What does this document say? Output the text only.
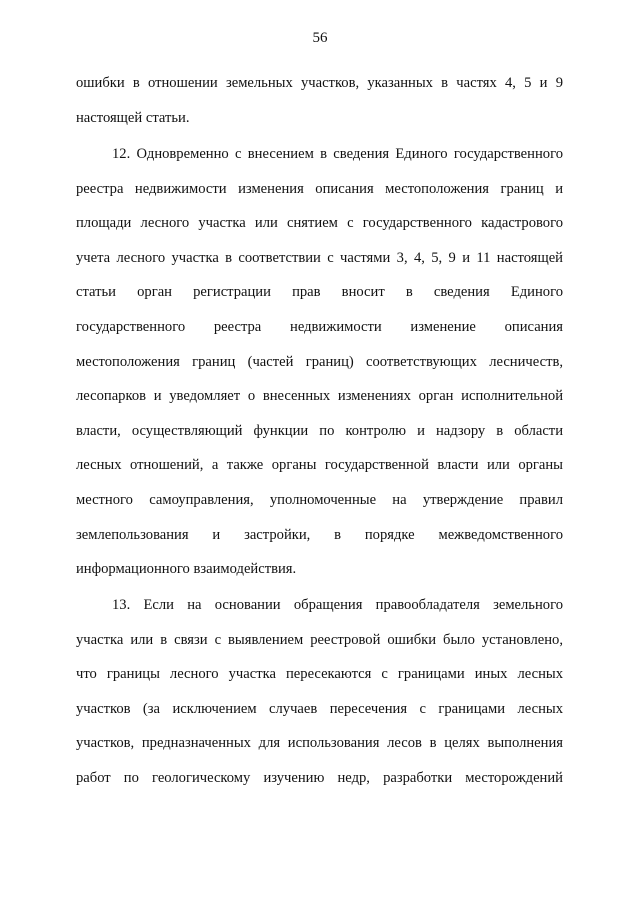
56
ошибки в отношении земельных участков, указанных в частях 4, 5 и 9
настоящей статьи.
12. Одновременно с внесением в сведения Единого государственного
реестра недвижимости изменения описания местоположения границ и
площади лесного участка или снятием с государственного кадастрового
учета лесного участка в соответствии с частями 3, 4, 5, 9 и 11 настоящей
статьи орган регистрации прав вносит в сведения Единого
государственного реестра недвижимости изменение описания
местоположения границ (частей границ) соответствующих лесничеств,
лесопарков и уведомляет о внесенных изменениях орган исполнительной
власти, осуществляющий функции по контролю и надзору в области
лесных отношений, а также органы государственной власти или органы
местного самоуправления, уполномоченные на утверждение правил
землепользования и застройки, в порядке межведомственного
информационного взаимодействия.
13. Если на основании обращения правообладателя земельного
участка или в связи с выявлением реестровой ошибки было установлено,
что границы лесного участка пересекаются с границами иных лесных
участков (за исключением случаев пересечения с границами лесных
участков, предназначенных для использования лесов в целях выполнения
работ по геологическому изучению недр, разработки месторождений
